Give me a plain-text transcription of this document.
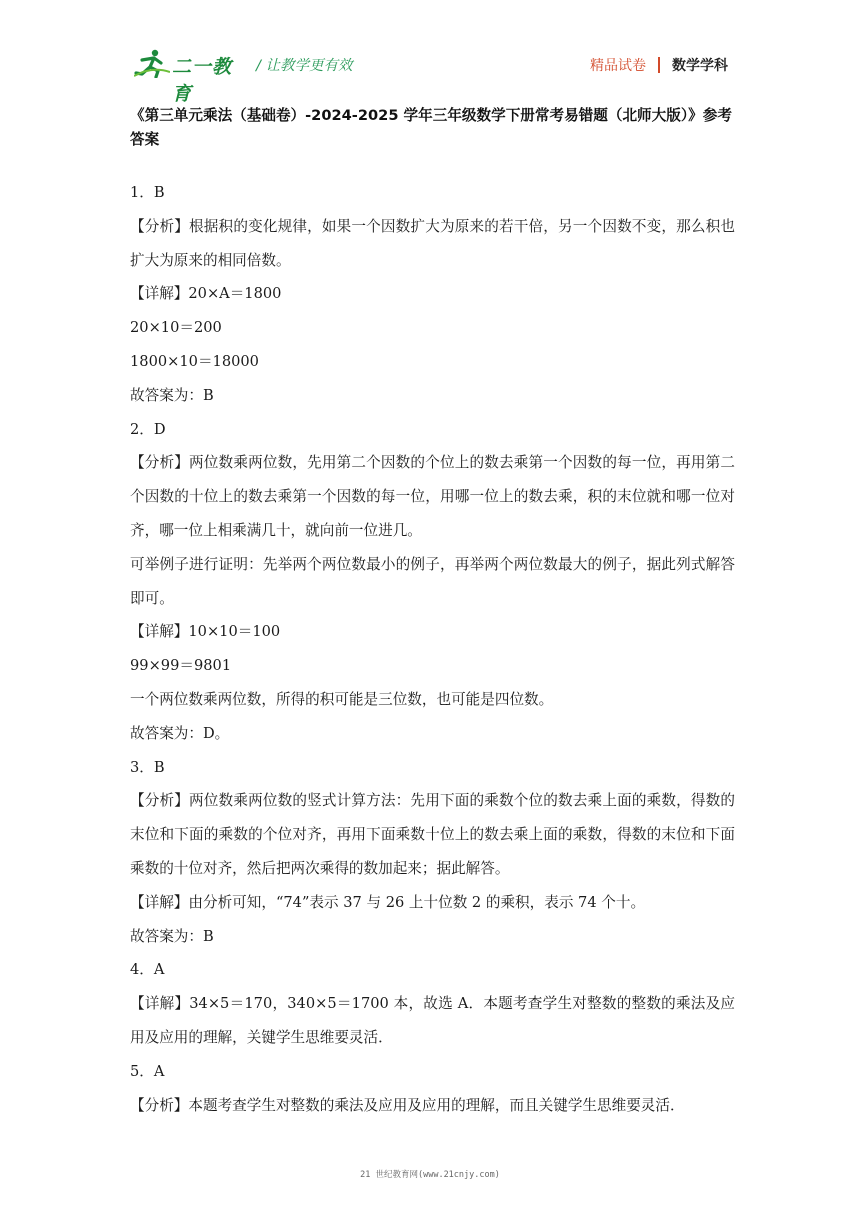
二一教育
/ 让教学更有效	精品试卷 数学学科
《第三单元乘法（基础卷）-2024-2025 学年三年级数学下册常考易错题（北师大版）》参考答案
1．B
【分析】根据积的变化规律，如果一个因数扩大为原来的若干倍，另一个因数不变，那么积也扩大为原来的相同倍数。
【详解】20×A＝1800
20×10＝200
1800×10＝18000
故答案为：B
2．D
【分析】两位数乘两位数，先用第二个因数的个位上的数去乘第一个因数的每一位，再用第二个因数的十位上的数去乘第一个因数的每一位，用哪一位上的数去乘，积的末位就和哪一位对齐，哪一位上相乘满几十，就向前一位进几。
可举例子进行证明：先举两个两位数最小的例子，再举两个两位数最大的例子，据此列式解答即可。
【详解】10×10＝100
99×99＝9801
一个两位数乘两位数，所得的积可能是三位数，也可能是四位数。
故答案为：D。
3．B
【分析】两位数乘两位数的竖式计算方法：先用下面的乘数个位的数去乘上面的乘数，得数的末位和下面的乘数的个位对齐，再用下面乘数十位上的数去乘上面的乘数，得数的末位和下面乘数的十位对齐，然后把两次乘得的数加起来；据此解答。
【详解】由分析可知，“74”表示 37 与 26 上十位数 2 的乘积，表示 74 个十。
故答案为：B
4．A
【详解】34×5＝170，340×5＝1700 本，故选 A．本题考查学生对整数的整数的乘法及应用及应用的理解，关键学生思维要灵活．
5．A
【分析】本题考查学生对整数的乘法及应用及应用的理解，而且关键学生思维要灵活．
21 世纪教育网(www.21cnjy.com)
